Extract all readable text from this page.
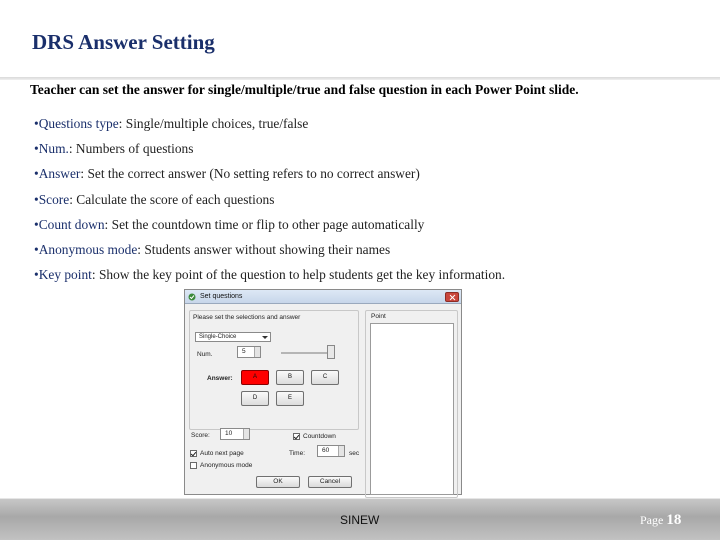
DRS Answer Setting
Teacher can set the answer for single/multiple/true and false question in each Power Point slide.
•Questions type: Single/multiple choices, true/false
•Num.: Numbers of questions
•Answer: Set the correct answer (No setting refers to no correct answer)
•Score: Calculate the score of each questions
•Count down: Set the countdown time or flip to other page automatically
•Anonymous mode: Students answer without showing their names
•Key point: Show the key point of the question to help students get the key information.
Set questions
Please set the selections and answer
Single-Choice
Num.	5
Answer:	A	B	C
D	E
Point
Score:	10	Countdown
Auto next page	Time:	60	sec
Anonymous mode
OK	Cancel
SINEW	Page 18
